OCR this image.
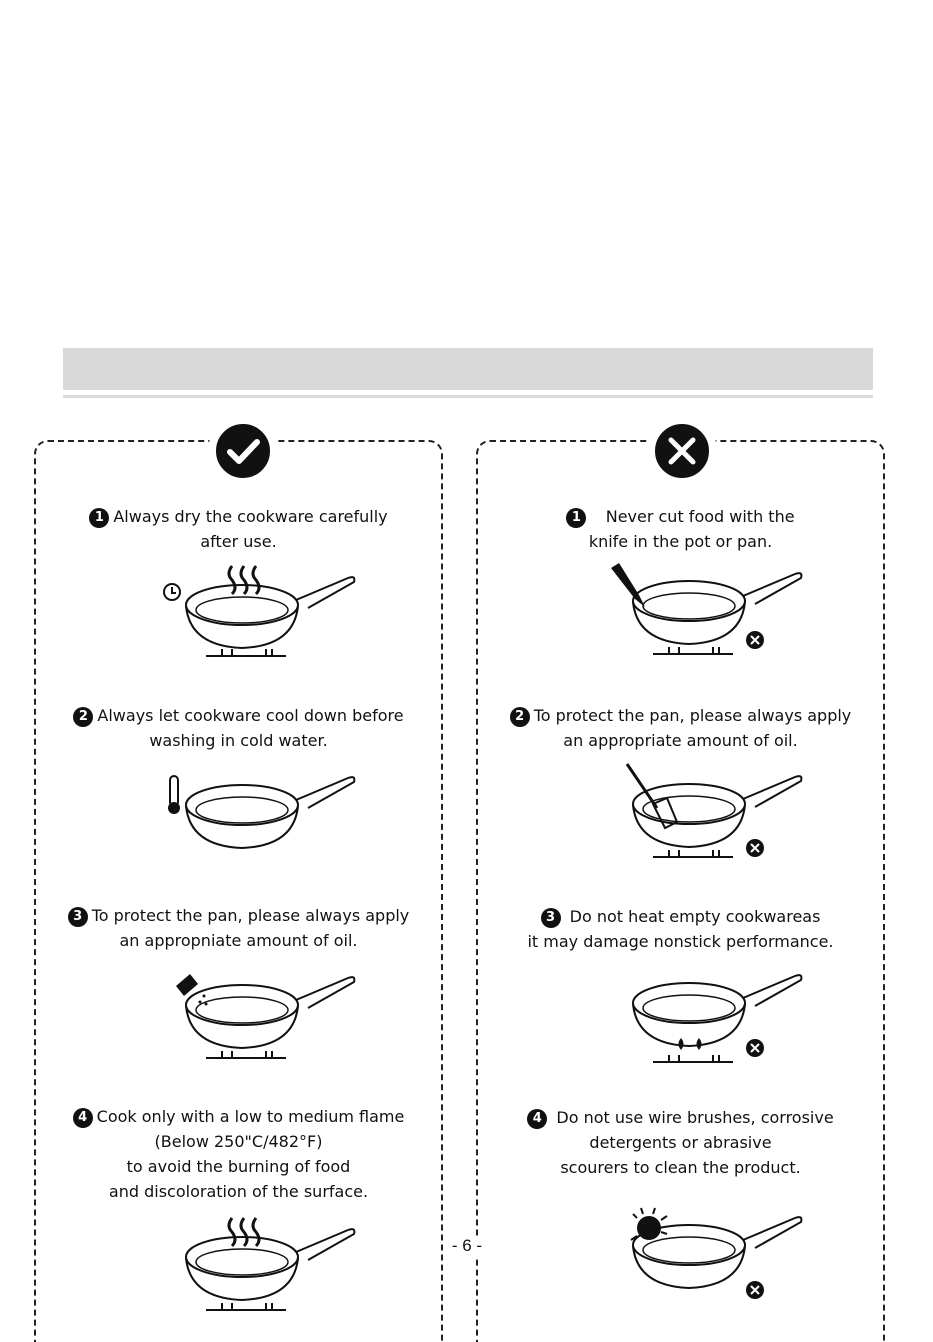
1 Always dry the cookware carefully
after use.
2 Always let cookware cool down before
washing in cold water.
3 To protect the pan, please always apply
an appropniate amount of oil.
4 Cook only with a low to medium flame
(Below 250"C/482°F)
to avoid the burning of food
and discoloration of the surface.
1 Never cut food with the
knife in the pot or pan.
2 To protect the pan, please always apply
an appropriate amount of oil.
3 Do not heat empty cookwareas
it may damage nonstick performance.
4 Do not use wire brushes, corrosive
detergents or abrasive
scourers to clean the product.
- 6 -
